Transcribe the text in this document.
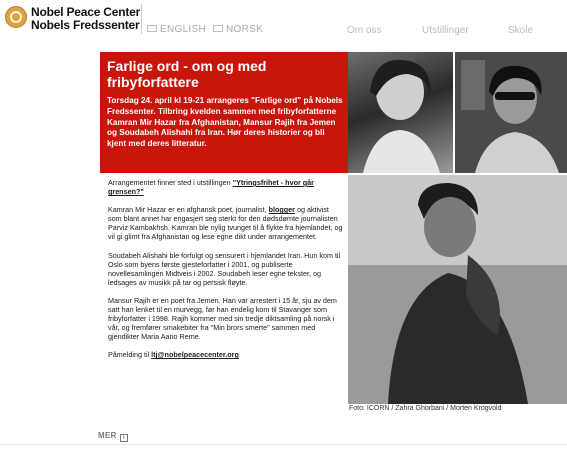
Nobel Peace Center
Nobels Fredssenter	ENGLISH	NORSK	Om oss	Utstillinger	Skole
Farlige ord - om og med fribyforfattere
Torsdag 24. april kl 19-21 arrangeres "Farlige ord" på Nobels Fredssenter. Tilbring kvelden sammen med fribyforfatterne Kamran Mir Hazar fra Afghanistan, Mansur Rajih fra Jemen og Soudabeh Alishahi fra Iran. Hør deres historier og bli kjent med deres litteratur.
Foto: ICORN / Zahra Ghorbani / Morten Krogvold

Arrangementet finner sted i utstillingen "Ytringsfrihet - hvor går grensen?"

Kamran Mir Hazar er en afghansk poet, journalist, blogger og aktivist som blant annet har engasjert seg sterkt for den dødsdømte journalisten Parviz Kambakhsh. Kamran ble nylig tvunget til å flykte fra hjemlandet, og vil gi glimt fra Afghanistan og lese egne dikt under arrangementet.

Soudabeh Alishahi ble forfulgt og sensurert i hjemlandet Iran. Hun kom til Oslo som byens første gjesteforfatter i 2001, og publiserte novellesamlingen Midtveis i 2002. Soudabeh leser egne tekster, og ledsages av musikk på tar og persisk fløyte.

Mansur Rajih er en poet fra Jemen. Han var arrestert i 15 år, sju av dem satt han lenket til en murvegg, før han endelig kom til Stavanger som fribyforfatter i 1998. Rajih kommer med sin tredje diktsamling på norsk i vår, og fremfører smakebiter fra "Min brors smerte" sammen med gjendikter Maria Aano Reme.

Påmelding til ltj@nobelpeacecenter.org

MER ›
